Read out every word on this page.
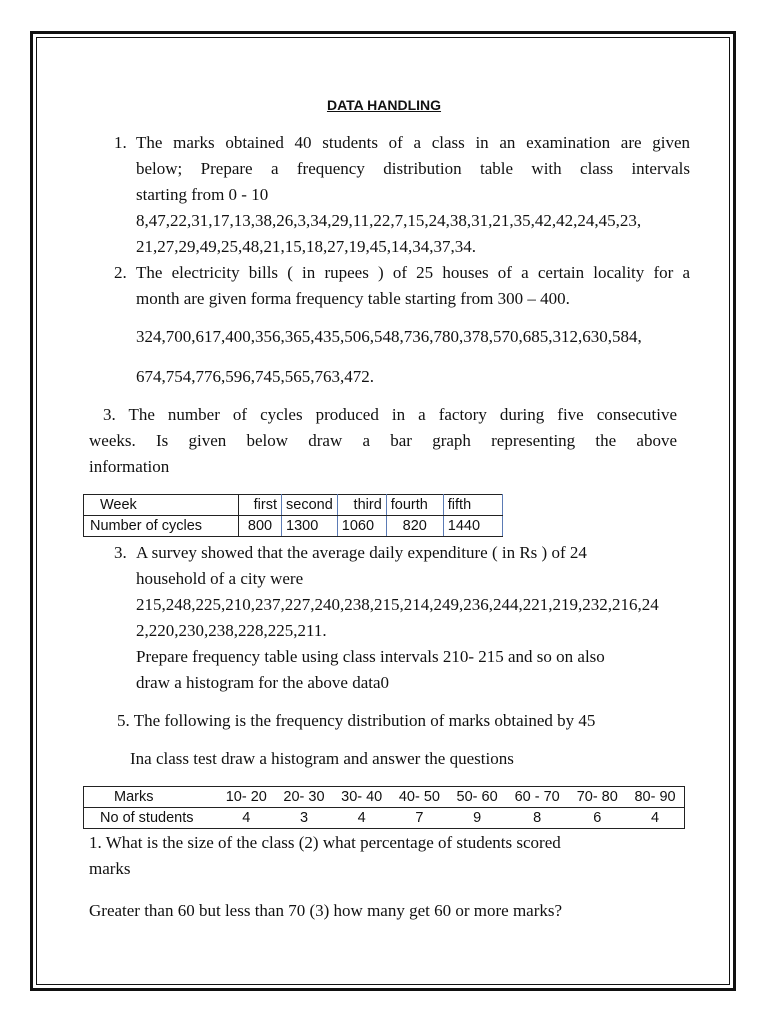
DATA HANDLING
1. The marks obtained 40 students of a class in an examination are given
below; Prepare a frequency distribution table with class intervals
starting from 0 - 10
8,47,22,31,17,13,38,26,3,34,29,11,22,7,15,24,38,31,21,35,42,42,24,45,23,
21,27,29,49,25,48,21,15,18,27,19,45,14,34,37,34.
2. The electricity bills ( in rupees ) of 25 houses of a certain locality for a
month are given forma frequency table starting from 300 – 400.
324,700,617,400,356,365,435,506,548,736,780,378,570,685,312,630,584,
674,754,776,596,745,565,763,472.
3. The number of cycles produced in a factory during five consecutive
weeks. Is given below draw a bar graph representing the above
information
Week	first	second	third	fourth	fifth
Number of cycles	800	1300	1060	820	1440
3. A survey showed that the average daily expenditure ( in Rs ) of 24
household of a city were
215,248,225,210,237,227,240,238,215,214,249,236,244,221,219,232,216,24
2,220,230,238,228,225,211.
Prepare frequency table using class intervals 210- 215 and so on also
draw a histogram for the above data0
5. The following is the frequency distribution of marks obtained by 45
Ina class test draw a histogram and answer the questions
Marks	10- 20	20- 30	30- 40	40- 50	50- 60	60 - 70	70- 80	80- 90
No of students	4	3	4	7	9	8	6	4
1. What is the size of the class (2) what percentage of students scored
marks
Greater than 60 but less than 70 (3) how many get 60 or more marks?
